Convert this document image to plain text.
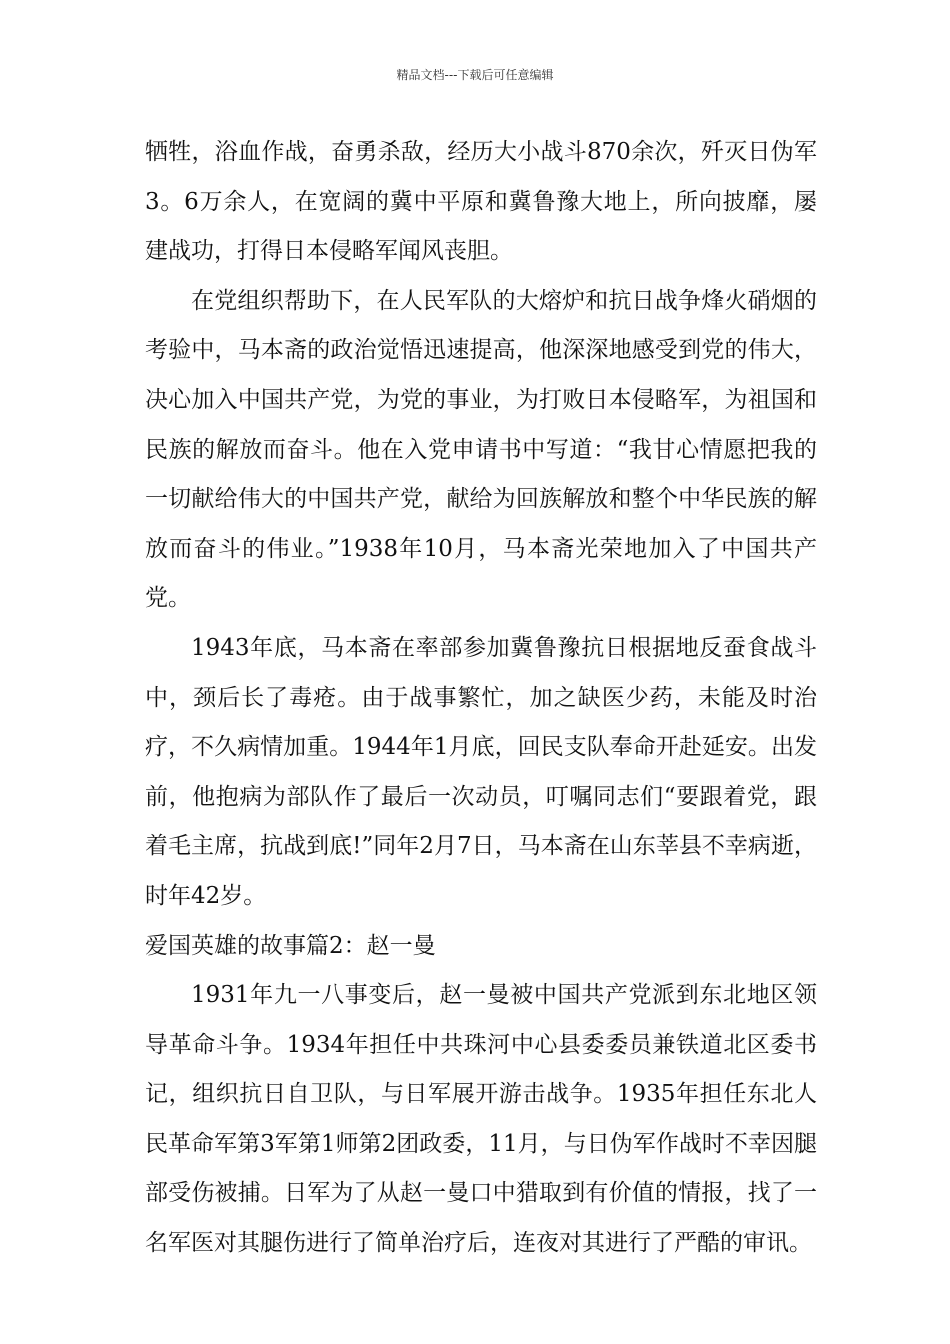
精品文档---下载后可任意编辑

牺牲，浴血作战，奋勇杀敌，经历大小战斗870余次，歼灭日伪军3。6万余人，在宽阔的冀中平原和冀鲁豫大地上，所向披靡，屡建战功，打得日本侵略军闻风丧胆。

在党组织帮助下，在人民军队的大熔炉和抗日战争烽火硝烟的考验中，马本斋的政治觉悟迅速提高，他深深地感受到党的伟大，决心加入中国共产党，为党的事业，为打败日本侵略军，为祖国和民族的解放而奋斗。他在入党申请书中写道：“我甘心情愿把我的一切献给伟大的中国共产党，献给为回族解放和整个中华民族的解放而奋斗的伟业。”1938年10月，马本斋光荣地加入了中国共产党。

1943年底，马本斋在率部参加冀鲁豫抗日根据地反蚕食战斗中，颈后长了毒疮。由于战事繁忙，加之缺医少药，未能及时治疗，不久病情加重。1944年1月底，回民支队奉命开赴延安。出发前，他抱病为部队作了最后一次动员，叮嘱同志们“要跟着党，跟着毛主席，抗战到底!”同年2月7日，马本斋在山东莘县不幸病逝，时年42岁。

爱国英雄的故事篇2：赵一曼

1931年九一八事变后，赵一曼被中国共产党派到东北地区领导革命斗争。1934年担任中共珠河中心县委委员兼铁道北区委书记，组织抗日自卫队，与日军展开游击战争。1935年担任东北人民革命军第3军第1师第2团政委，11月，与日伪军作战时不幸因腿部受伤被捕。日军为了从赵一曼口中猎取到有价值的情报，找了一名军医对其腿伤进行了简单治疗后，连夜对其进行了严酷的审讯。
